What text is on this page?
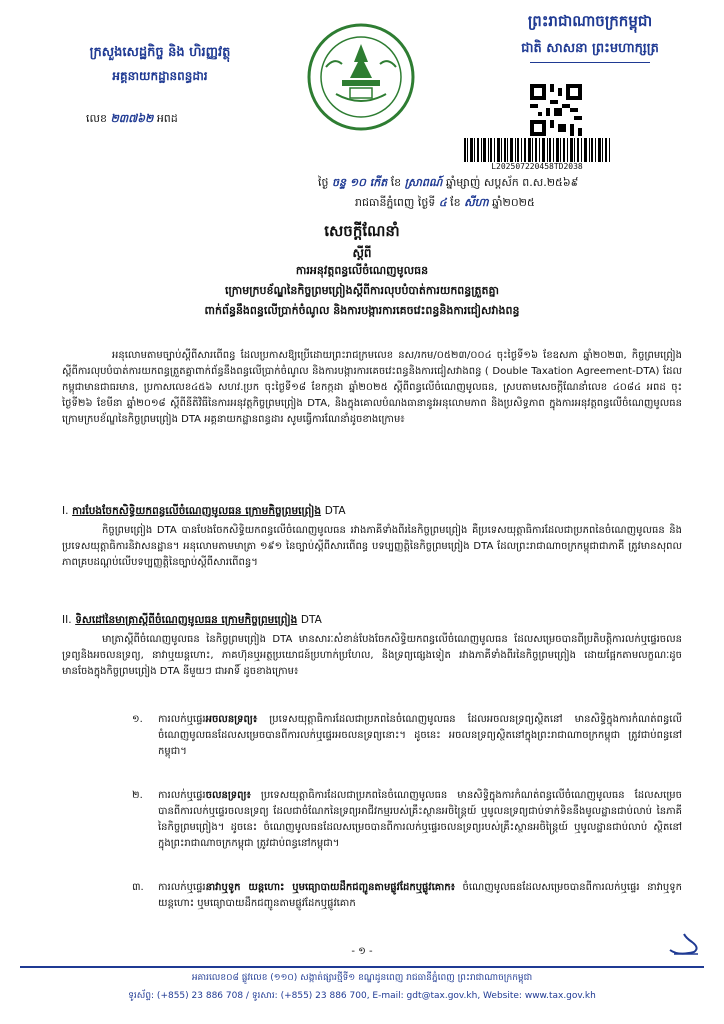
ក្រសួងសេដ្ឋកិច្ច និង ហិរញ្ញវត្ថុ
អគ្គនាយកដ្ឋានពន្ធដារ
លេខ ២៣៧៦២ អពដ
ព្រះរាជាណាចក្រកម្ពុជា
ជាតិ សាសនា ព្រះមហាក្សត្រ
L202507220458TD2038
ថ្ងៃ ចន្ទ ១០ កើត ខែ ស្រាពណ៍ ឆ្នាំម្សាញ់ សប្តស័ក ព.ស.២៥៦៩
រាជធានីភ្នំពេញ ថ្ងៃទី ៤ ខែ សីហា ឆ្នាំ២០២៥
សេចក្តីណែនាំ
ស្តីពី
ការអនុវត្តពន្ធលើចំណេញមូលធន
ក្រោមក្របខ័ណ្ឌនៃកិច្ចព្រមព្រៀងស្តីពីការលុបបំបាត់ការយកពន្ធត្រួតគ្នា
ពាក់ព័ន្ធនឹងពន្ធលើប្រាក់ចំណូល និងការបង្ការការគេចវេះពន្ធនិងការជៀសវាងពន្ធ
អនុលោមតាមច្បាប់ស្តីពីសារពើពន្ធ ដែលប្រកាសឱ្យប្រើដោយព្រះរាជក្រមលេខ នស/រកម/០៥២៣/០០៤ ចុះថ្ងៃទី១៦ ខែឧសភា ឆ្នាំ២០២៣, កិច្ចព្រមព្រៀងស្តីពីការលុបបំបាត់ការយកពន្ធត្រួតគ្នាពាក់ព័ន្ធនឹងពន្ធលើប្រាក់ចំណូល និងការបង្ការការគេចវេះពន្ធនិងការជៀសវាងពន្ធ ( Double Taxation Agreement-DTA) ដែលកម្ពុជាមានជាធរមាន, ប្រកាសលេខ៤៥៦ សហវ.ប្រក ចុះថ្ងៃទី១៨ ខែកក្កដា ឆ្នាំ២០២៥ ស្តីពីពន្ធលើចំណេញមូលធន, ស្របតាមសេចក្តីណែនាំលេខ ៤០៨៤ អពដ ចុះថ្ងៃទី២៦ ខែមីនា ឆ្នាំ២០១៨ ស្តីពីនីតិវិធីនៃការអនុវត្តកិច្ចព្រមព្រៀង DTA, និងក្នុងគោលបំណងធានានូវអនុលោមភាព និងប្រសិទ្ធភាព ក្នុងការអនុវត្តពន្ធលើចំណេញមូលធនក្រោមក្របខ័ណ្ឌនៃកិច្ចព្រមព្រៀង DTA អគ្គនាយកដ្ឋានពន្ធដារ សូមធ្វើការណែនាំដូចខាងក្រោម៖
I. ការបែងចែកសិទ្ធិយកពន្ធលើចំណេញមូលធន ក្រោមកិច្ចព្រមព្រៀង DTA
កិច្ចព្រមព្រៀង DTA បានបែងចែកសិទ្ធិយកពន្ធលើចំណេញមូលធន រវាងភាគីទាំងពីរនៃកិច្ចព្រមព្រៀង គឺប្រទេសយុត្តាធិការដែលជាប្រភពនៃចំណេញមូលធន និងប្រទេសយុត្តាធិការនិវាសនដ្ឋាន។ អនុលោមតាមមាត្រា ១៩១ នៃច្បាប់ស្តីពីសារពើពន្ធ បទប្បញ្ញត្តិនៃកិច្ចព្រមព្រៀង DTA ដែលព្រះរាជាណាចក្រកម្ពុជាជាភាគី ត្រូវមានសុពលភាពគ្របដណ្តប់លើបទប្បញ្ញត្តិនៃច្បាប់ស្តីពីសារពើពន្ធ។
II. ទិសដៅនៃមាត្រាស្តីពីចំណេញមូលធន ក្រោមកិច្ចព្រមព្រៀង DTA
មាត្រាស្តីពីចំណេញមូលធន នៃកិច្ចព្រមព្រៀង DTA មានសារៈសំខាន់បែងចែកសិទ្ធិយកពន្ធលើចំណេញមូលធន ដែលសម្រេចបានពីប្រតិបត្តិការលក់ឬផ្ទេរចលនទ្រព្យនិងអចលនទ្រព្យ, នាវាឬយន្តហោះ, ភាគហ៊ុនឬអត្ថប្រយោជន៍ប្រហាក់ប្រហែល, និងទ្រព្យផ្សេងទៀត រវាងភាគីទាំងពីរនៃកិច្ចព្រមព្រៀង ដោយផ្អែកតាមលក្ខណៈដូចមានចែងក្នុងកិច្ចព្រមព្រៀង DTA នីមួយៗ ជាអាទិ៍ ដូចខាងក្រោម៖
១. ការលក់ឬផ្ទេរអចលនទ្រព្យ៖ ប្រទេសយុត្តាធិការដែលជាប្រភពនៃចំណេញមូលធន ដែលអចលនទ្រព្យស្ថិតនៅ មានសិទ្ធិក្នុងការកំណត់ពន្ធលើចំណេញមូលធនដែលសម្រេចបានពីការលក់ឬផ្ទេរអចលនទ្រព្យនោះ។ ដូចនេះ អចលនទ្រព្យស្ថិតនៅក្នុងព្រះរាជាណាចក្រកម្ពុជា ត្រូវជាប់ពន្ធនៅកម្ពុជា។
២. ការលក់ឬផ្ទេរចលនទ្រព្យ៖ ប្រទេសយុត្តាធិការដែលជាប្រភពនៃចំណេញមូលធន មានសិទ្ធិក្នុងការកំណត់ពន្ធលើចំណេញមូលធន ដែលសម្រេចបានពីការលក់ឬផ្ទេរចលនទ្រព្យ ដែលជាចំណែកនៃទ្រព្យអាជីវកម្មរបស់គ្រឹះស្ថានអចិន្ត្រៃយ៍ ឬមូលនទ្រព្យជាប់ទាក់ទិននឹងមូលដ្ឋានជាប់លាប់ នៃភាគីនៃកិច្ចព្រមព្រៀង។ ដូចនេះ ចំណេញមូលធនដែលសម្រេចបានពីការលក់ឬផ្ទេរចលនទ្រព្យរបស់គ្រឹះស្ថានអចិន្ត្រៃយ៍ ឬមូលដ្ឋានជាប់លាប់ ស្ថិតនៅក្នុងព្រះរាជាណាចក្រកម្ពុជា ត្រូវជាប់ពន្ធនៅកម្ពុជា។
៣. ការលក់ឬផ្ទេរនាវាឬទូក យន្តហោះ ឬមធ្យោបាយដឹកជញ្ជូនតាមផ្លូវដែកឬផ្លូវគោក៖ ចំណេញមូលធនដែលសម្រេចបានពីការលក់ឬផ្ទេរ នាវាឬទូក យន្តហោះ ឬមធ្យោបាយដឹកជញ្ជូនតាមផ្លូវដែកឬផ្លូវគោក
- ១ -
អគារលេខ០៨ ផ្លូវលេខ (១១០) សង្កាត់ផ្សារថ្មីទី១ ខណ្ឌដូនពេញ រាជធានីភ្នំពេញ ព្រះរាជាណាចក្រកម្ពុជា
ទូរស័ព្ទ: (+855) 23 886 708 / ទូរសារ: (+855) 23 886 700, E-mail: gdt@tax.gov.kh, Website: www.tax.gov.kh
